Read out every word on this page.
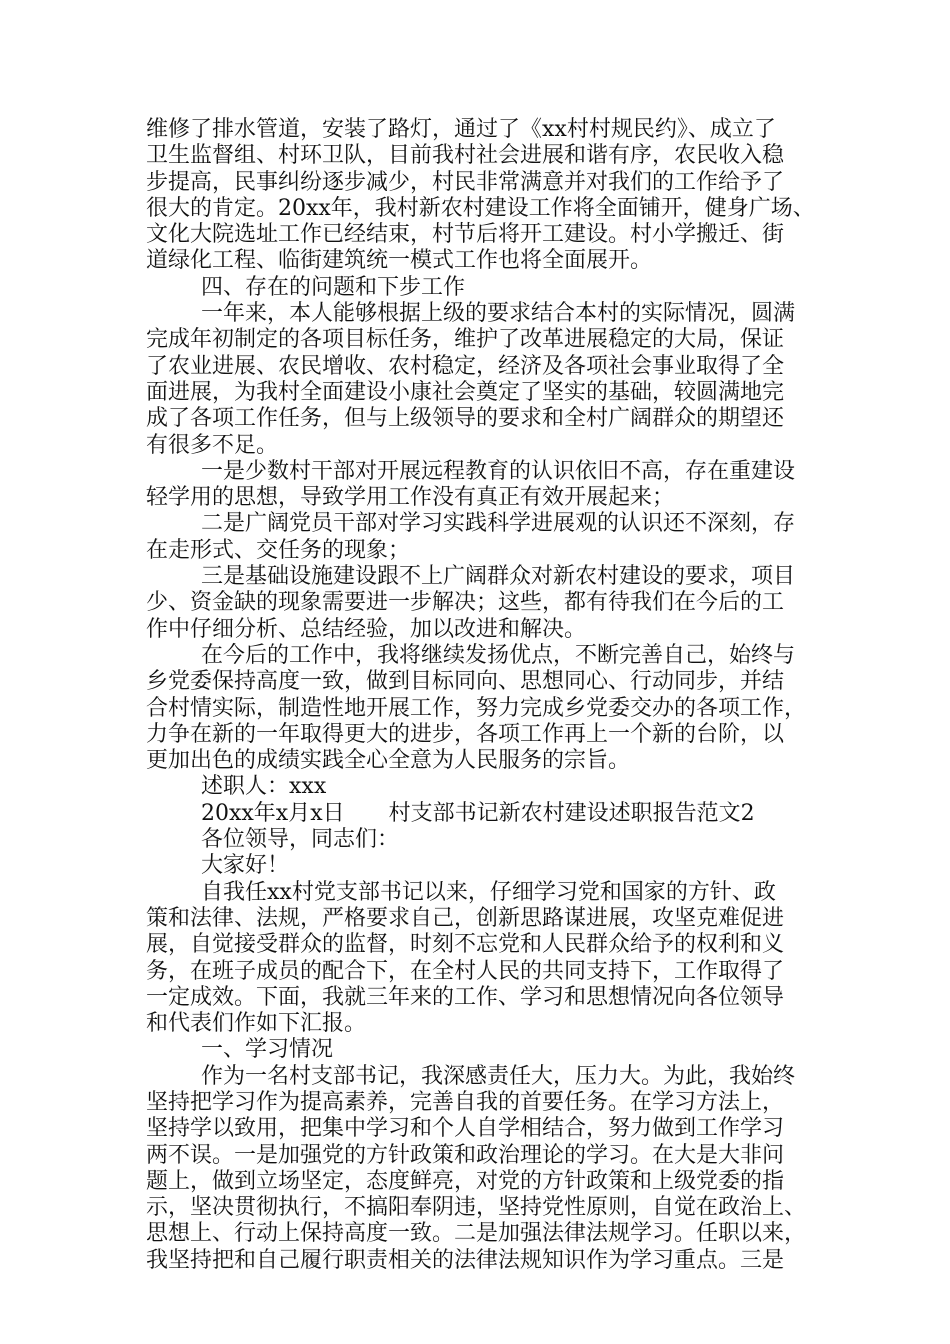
维修了排水管道，安装了路灯，通过了《xx村村规民约》、成立了
卫生监督组、村环卫队，目前我村社会进展和谐有序，农民收入稳
步提高，民事纠纷逐步减少，村民非常满意并对我们的工作给予了
很大的肯定。20xx年，我村新农村建设工作将全面铺开，健身广场、
文化大院选址工作已经结束，村节后将开工建设。村小学搬迁、街
道绿化工程、临街建筑统一模式工作也将全面展开。
四、存在的问题和下步工作
一年来，本人能够根据上级的要求结合本村的实际情况，圆满
完成年初制定的各项目标任务，维护了改革进展稳定的大局，保证
了农业进展、农民增收、农村稳定，经济及各项社会事业取得了全
面进展，为我村全面建设小康社会奠定了坚实的基础，较圆满地完
成了各项工作任务，但与上级领导的要求和全村广阔群众的期望还
有很多不足。
一是少数村干部对开展远程教育的认识依旧不高，存在重建设
轻学用的思想，导致学用工作没有真正有效开展起来；
二是广阔党员干部对学习实践科学进展观的认识还不深刻，存
在走形式、交任务的现象；
三是基础设施建设跟不上广阔群众对新农村建设的要求，项目
少、资金缺的现象需要进一步解决；这些，都有待我们在今后的工
作中仔细分析、总结经验，加以改进和解决。
在今后的工作中，我将继续发扬优点，不断完善自己，始终与
乡党委保持高度一致，做到目标同向、思想同心、行动同步，并结
合村情实际，制造性地开展工作，努力完成乡党委交办的各项工作，
力争在新的一年取得更大的进步，各项工作再上一个新的台阶，以
更加出色的成绩实践全心全意为人民服务的宗旨。
述职人：xxx
20xx年x月x日　　村支部书记新农村建设述职报告范文2
各位领导，同志们：
大家好！
自我任xx村党支部书记以来，仔细学习党和国家的方针、政
策和法律、法规，严格要求自己，创新思路谋进展，攻坚克难促进
展，自觉接受群众的监督，时刻不忘党和人民群众给予的权利和义
务，在班子成员的配合下，在全村人民的共同支持下，工作取得了
一定成效。下面，我就三年来的工作、学习和思想情况向各位领导
和代表们作如下汇报。
一、学习情况
作为一名村支部书记，我深感责任大，压力大。为此，我始终
坚持把学习作为提高素养，完善自我的首要任务。在学习方法上，
坚持学以致用，把集中学习和个人自学相结合，努力做到工作学习
两不误。一是加强党的方针政策和政治理论的学习。在大是大非问
题上，做到立场坚定，态度鲜亮，对党的方针政策和上级党委的指
示，坚决贯彻执行，不搞阳奉阴违，坚持党性原则，自觉在政治上、
思想上、行动上保持高度一致。二是加强法律法规学习。任职以来，
我坚持把和自己履行职责相关的法律法规知识作为学习重点。三是
